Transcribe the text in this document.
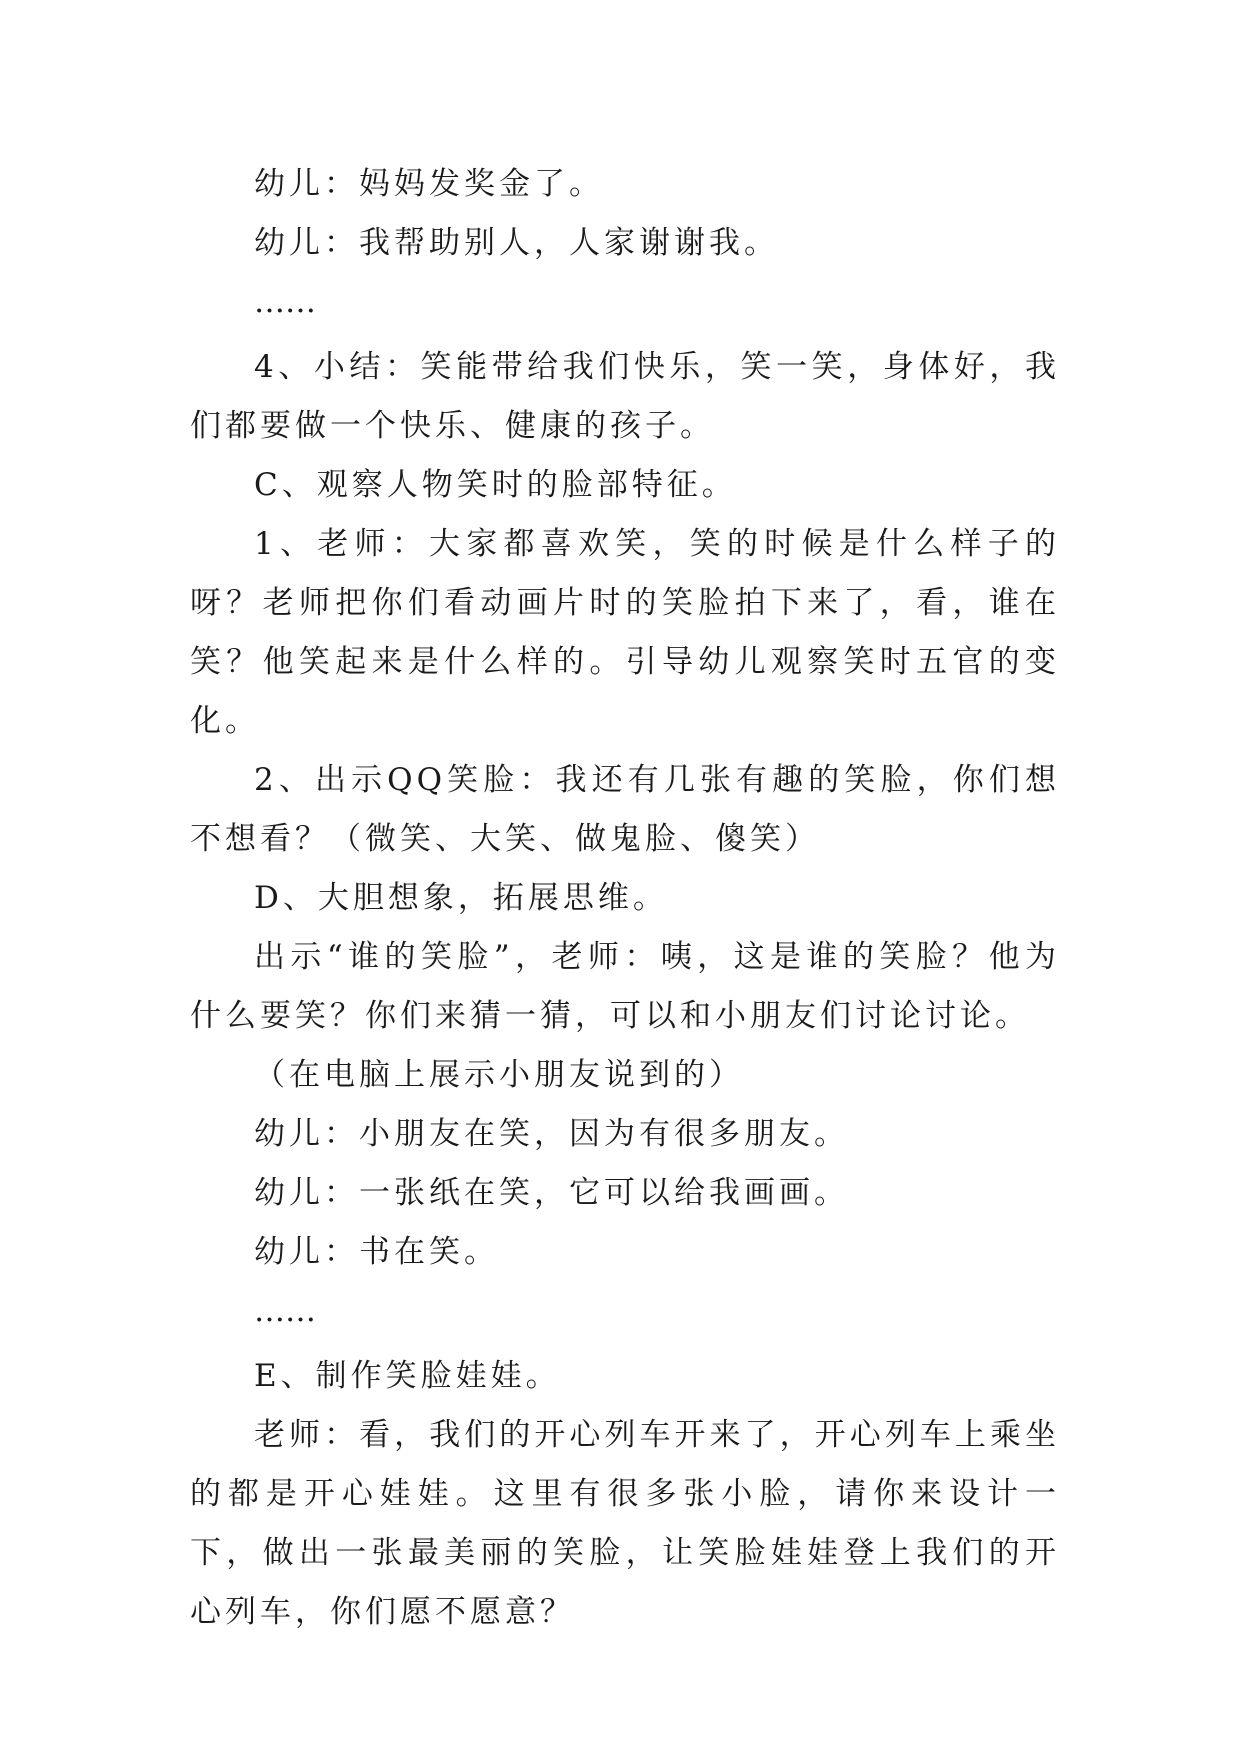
幼儿：妈妈发奖金了。

幼儿：我帮助别人，人家谢谢我。

……

4、小结：笑能带给我们快乐，笑一笑，身体好，我们都要做一个快乐、健康的孩子。

C、观察人物笑时的脸部特征。

1、老师：大家都喜欢笑，笑的时候是什么样子的呀？老师把你们看动画片时的笑脸拍下来了，看，谁在笑？他笑起来是什么样的。引导幼儿观察笑时五官的变化。

2、出示QQ笑脸：我还有几张有趣的笑脸，你们想不想看？（微笑、大笑、做鬼脸、傻笑）

D、大胆想象，拓展思维。

出示“谁的笑脸”，老师：咦，这是谁的笑脸？他为什么要笑？你们来猜一猜，可以和小朋友们讨论讨论。

（在电脑上展示小朋友说到的）

幼儿：小朋友在笑，因为有很多朋友。

幼儿：一张纸在笑，它可以给我画画。

幼儿：书在笑。

……

E、制作笑脸娃娃。

老师：看，我们的开心列车开来了，开心列车上乘坐的都是开心娃娃。这里有很多张小脸，请你来设计一下，做出一张最美丽的笑脸，让笑脸娃娃登上我们的开心列车，你们愿不愿意？
